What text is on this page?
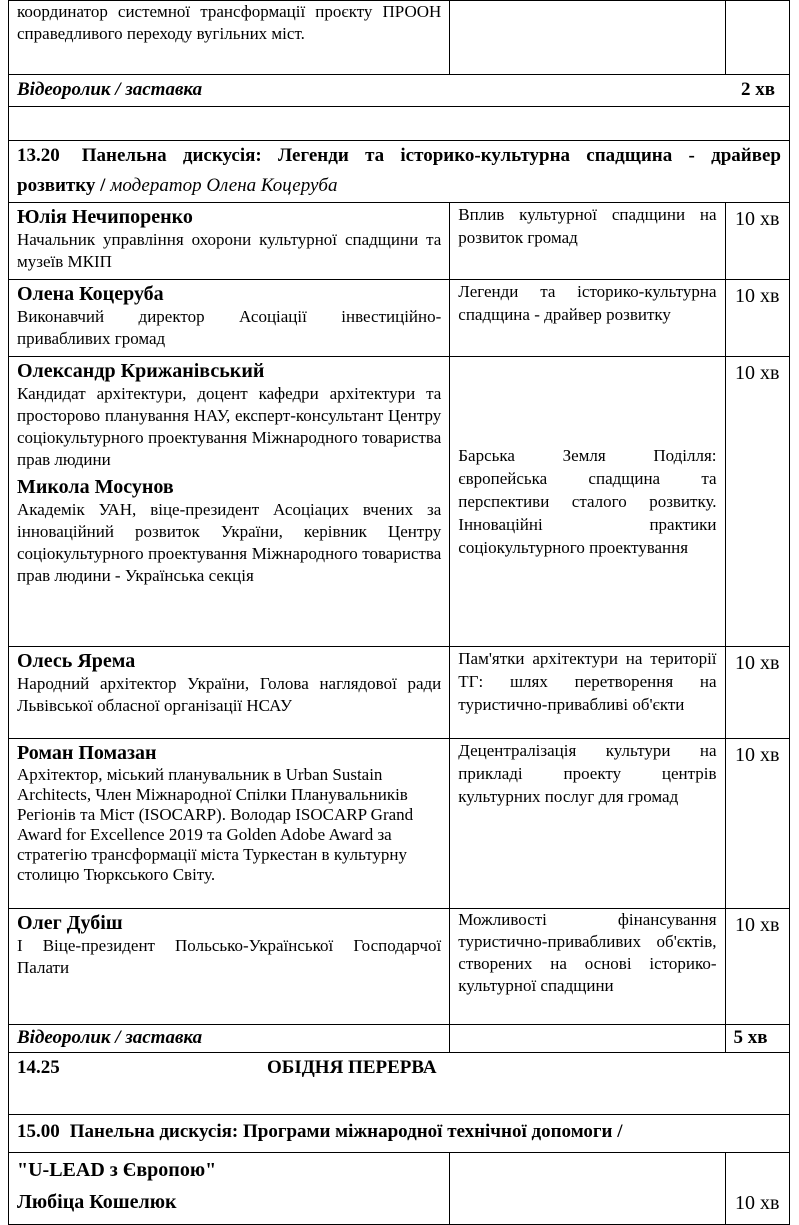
координатор системної трансформації проєкту ПРООН справедливого переходу вугільних міст.		

Відеоролик / заставка 2 хв		

13.20 Панельна дискусія: Легенди та історико-культурна спадщина - драйвер розвитку / модератор Олена Коцеруба		

Юлія Нечипоренко
Начальник управління охорони культурної спадщини та музеїв МКІП	Вплив культурної спадщини на розвиток громад	10 хв

Олена Коцеруба
Виконавчий директор Асоціації інвестиційно-привабливих громад	Легенди та історико-культурна спадщина - драйвер розвитку	10 хв

Олександр Крижанівський
Кандидат архітектури, доцент кафедри архітектури та просторово планування НАУ, експерт-консультант Центру соціокультурного проектування Міжнародного товариства прав людини
Микола Мосунов
Академік УАН, віце-президент Асоціацих вчених за інноваційний розвиток України, керівник Центру соціокультурного проектування Міжнародного товариства прав людини - Українська секція	Барська Земля Поділля: європейська спадщина та перспективи сталого розвитку. Інноваційні практики соціокультурного проектування	10 хв

Олесь Ярема
Народний архітектор України, Голова наглядової ради Львівської обласної організації НСАУ	Пам'ятки архітектури на території ТГ: шлях перетворення на туристично-привабливі об'єкти	10 хв

Роман Помазан
Архітектор, міський планувальник в Urban Sustain Architects, Член Міжнародної Спілки Планувальників Регіонів та Міст (ISOCARP). Володар ISOCARP Grand Award for Excellence 2019 та Golden Adobe Award за стратегію трансформації міста Туркестан в культурну столицю Тюркського Світу.	Децентралізація культури на прикладі проекту центрів культурних послуг для громад	10 хв

Олег Дубіш
I Віце-президент Польсько-Української Господарчої Палати	Можливості фінансування туристично-привабливих об'єктів, створених на основі історико-культурної спадщини	10 хв
Відеоролик / заставка		5 хв

14.25 ОБІДНЯ ПЕРЕРВА		

15.00 Панельна дискусія: Програми міжнародної технічної допомоги /		

"U-LEAD з Європою"
Любіца Кошелюк		10 хв
